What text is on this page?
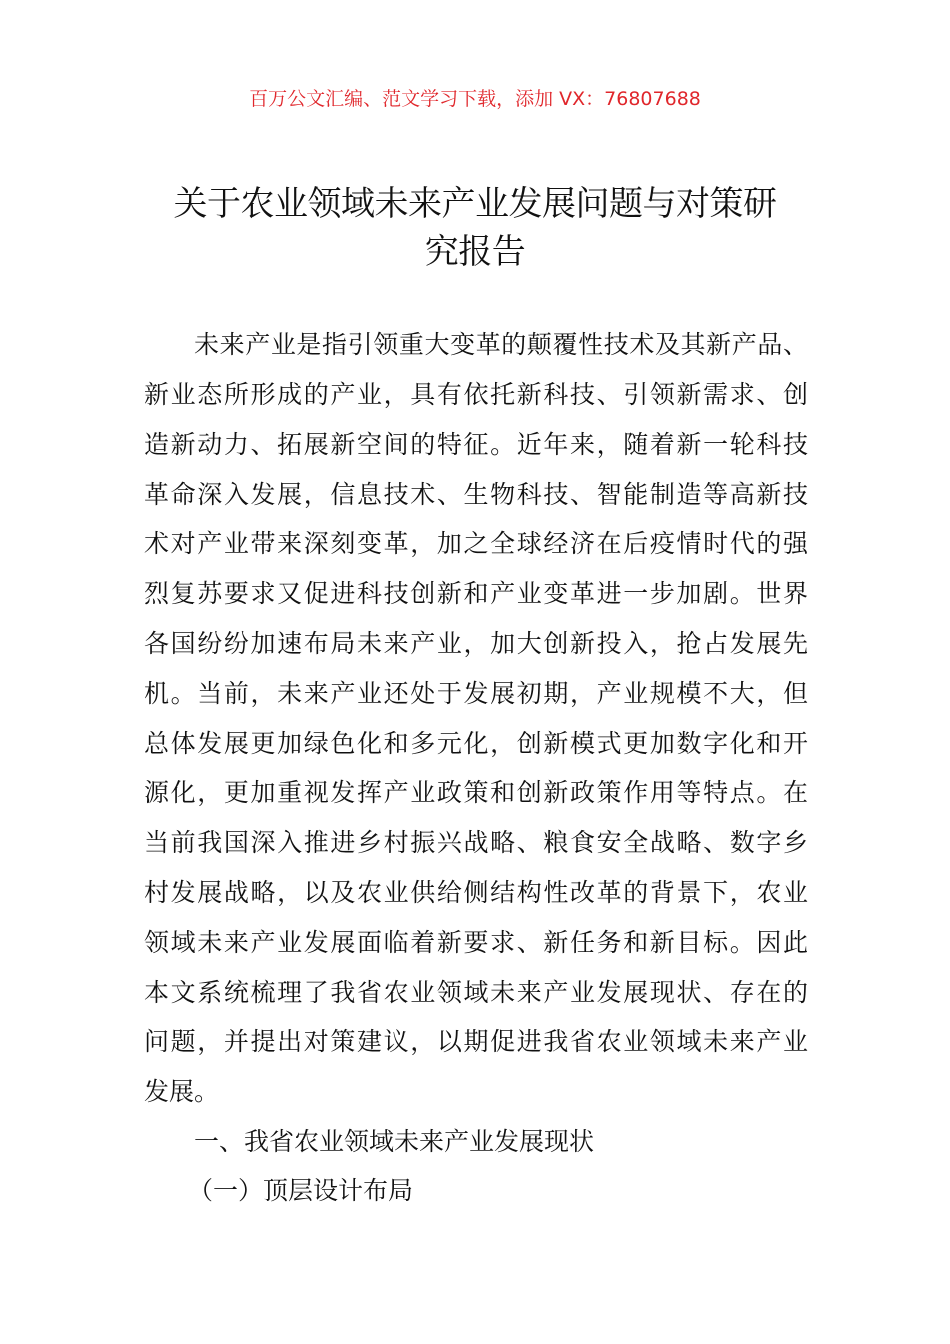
百万公文汇编、范文学习下载，添加 VX：76807688
关于农业领域未来产业发展问题与对策研
究报告
未来产业是指引领重大变革的颠覆性技术及其新产品、
新业态所形成的产业，具有依托新科技、引领新需求、创
造新动力、拓展新空间的特征。近年来，随着新一轮科技
革命深入发展，信息技术、生物科技、智能制造等高新技
术对产业带来深刻变革，加之全球经济在后疫情时代的强
烈复苏要求又促进科技创新和产业变革进一步加剧。世界
各国纷纷加速布局未来产业，加大创新投入，抢占发展先
机。当前，未来产业还处于发展初期，产业规模不大，但
总体发展更加绿色化和多元化，创新模式更加数字化和开
源化，更加重视发挥产业政策和创新政策作用等特点。在
当前我国深入推进乡村振兴战略、粮食安全战略、数字乡
村发展战略，以及农业供给侧结构性改革的背景下，农业
领域未来产业发展面临着新要求、新任务和新目标。因此
本文系统梳理了我省农业领域未来产业发展现状、存在的
问题，并提出对策建议，以期促进我省农业领域未来产业
发展。
一、我省农业领域未来产业发展现状
（一）顶层设计布局
